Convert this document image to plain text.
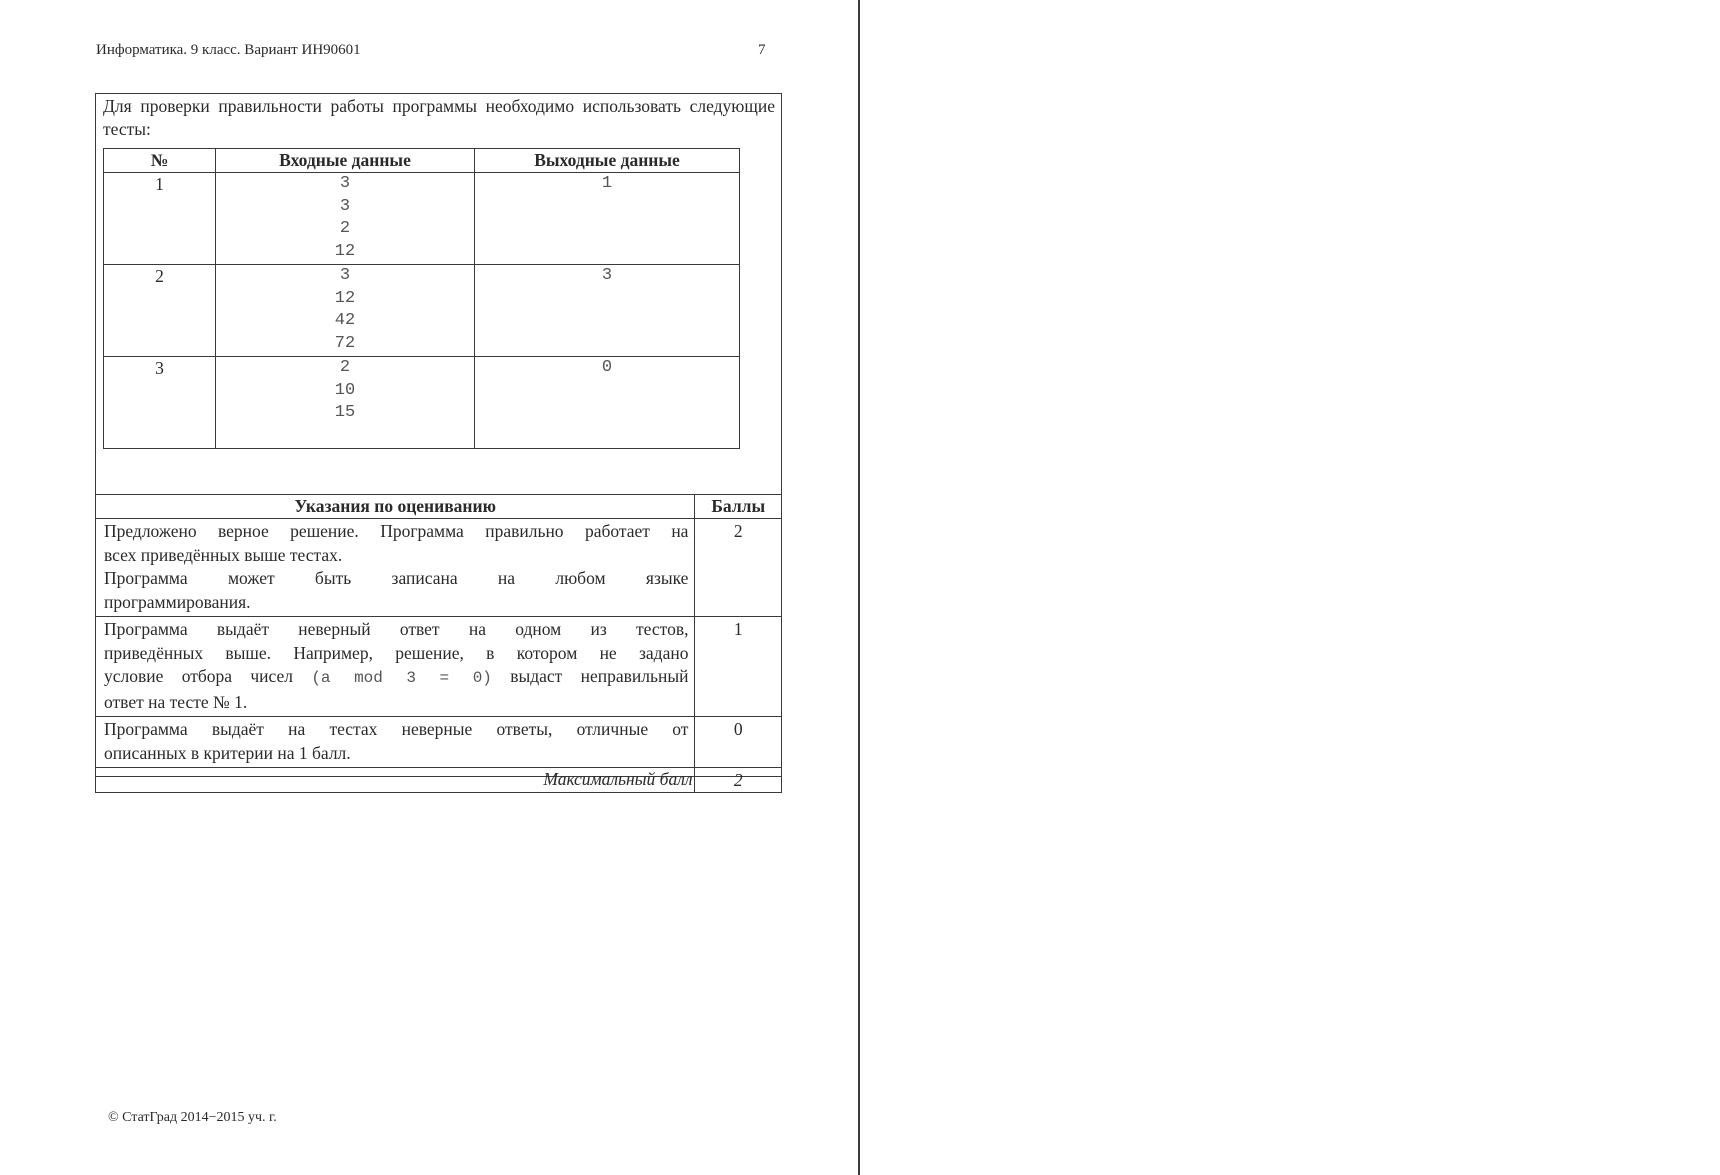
Информатика. 9 класс. Вариант ИН90601	7
Для проверки правильности работы программы необходимо использовать следующие тесты:
№	Входные данные	Выходные данные
1	3
3
2
12	1
2	3
12
42
72	3
3	2
10
15	0
Указания по оцениванию	Баллы

Предложено верное решение. Программа правильно работает на

всех приведённых выше тестах.

Программа может быть записана на любом языке

программирования.	2

Программа выдаёт неверный ответ на одном из тестов,

приведённых выше. Например, решение, в котором не задано

условие отбора чисел (a mod 3 = 0) выдаст неправильный

ответ на тесте № 1.	1

Программа выдаёт на тестах неверные ответы, отличные от

описанных в критерии на 1 балл.	0
Максимальный балл	2
© СтатГрад 2014−2015 уч. г.
